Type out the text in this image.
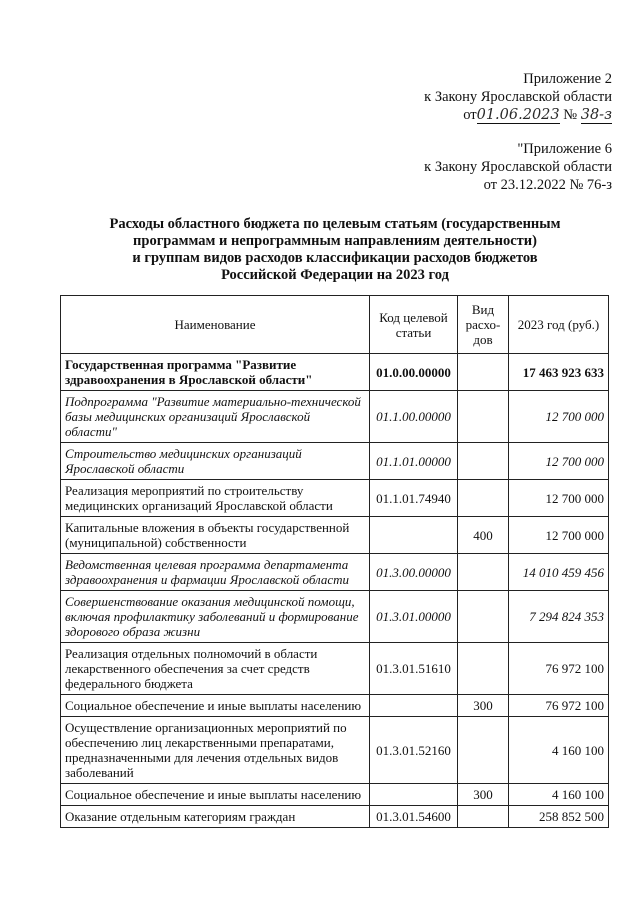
Приложение 2

к Закону Ярославской области

от01.06.2023 № 38-з

"Приложение 6

к Закону Ярославской области

от 23.12.2022 № 76-з

Расходы областного бюджета по целевым статьям (государственным

программам и непрограммным направлениям деятельности)

и группам видов расходов классификации расходов бюджетов

Российской Федерации на 2023 год

Наименование	Код целевой статьи	Вид расхо-дов	2023 год (руб.)
Государственная программа "Развитие здравоохранения в Ярославской области"	01.0.00.00000		17 463 923 633
Подпрограмма "Развитие материально-технической базы медицинских организаций Ярославской области"	01.1.00.00000		12 700 000
Строительство медицинских организаций Ярославской области	01.1.01.00000		12 700 000
Реализация мероприятий по строительству медицинских организаций Ярославской области	01.1.01.74940		12 700 000
Капитальные вложения в объекты государственной (муниципальной) собственности		400	12 700 000
Ведомственная целевая программа департамента здравоохранения и фармации Ярославской области	01.3.00.00000		14 010 459 456
Совершенствование оказания медицинской помощи, включая профилактику заболеваний и формирование здорового образа жизни	01.3.01.00000		7 294 824 353
Реализация отдельных полномочий в области лекарственного обеспечения за счет средств федерального бюджета	01.3.01.51610		76 972 100
Социальное обеспечение и иные выплаты населению		300	76 972 100
Осуществление организационных мероприятий по обеспечению лиц лекарственными препаратами, предназначенными для лечения отдельных видов заболеваний	01.3.01.52160		4 160 100
Социальное обеспечение и иные выплаты населению		300	4 160 100
Оказание отдельным категориям граждан	01.3.01.54600		258 852 500
